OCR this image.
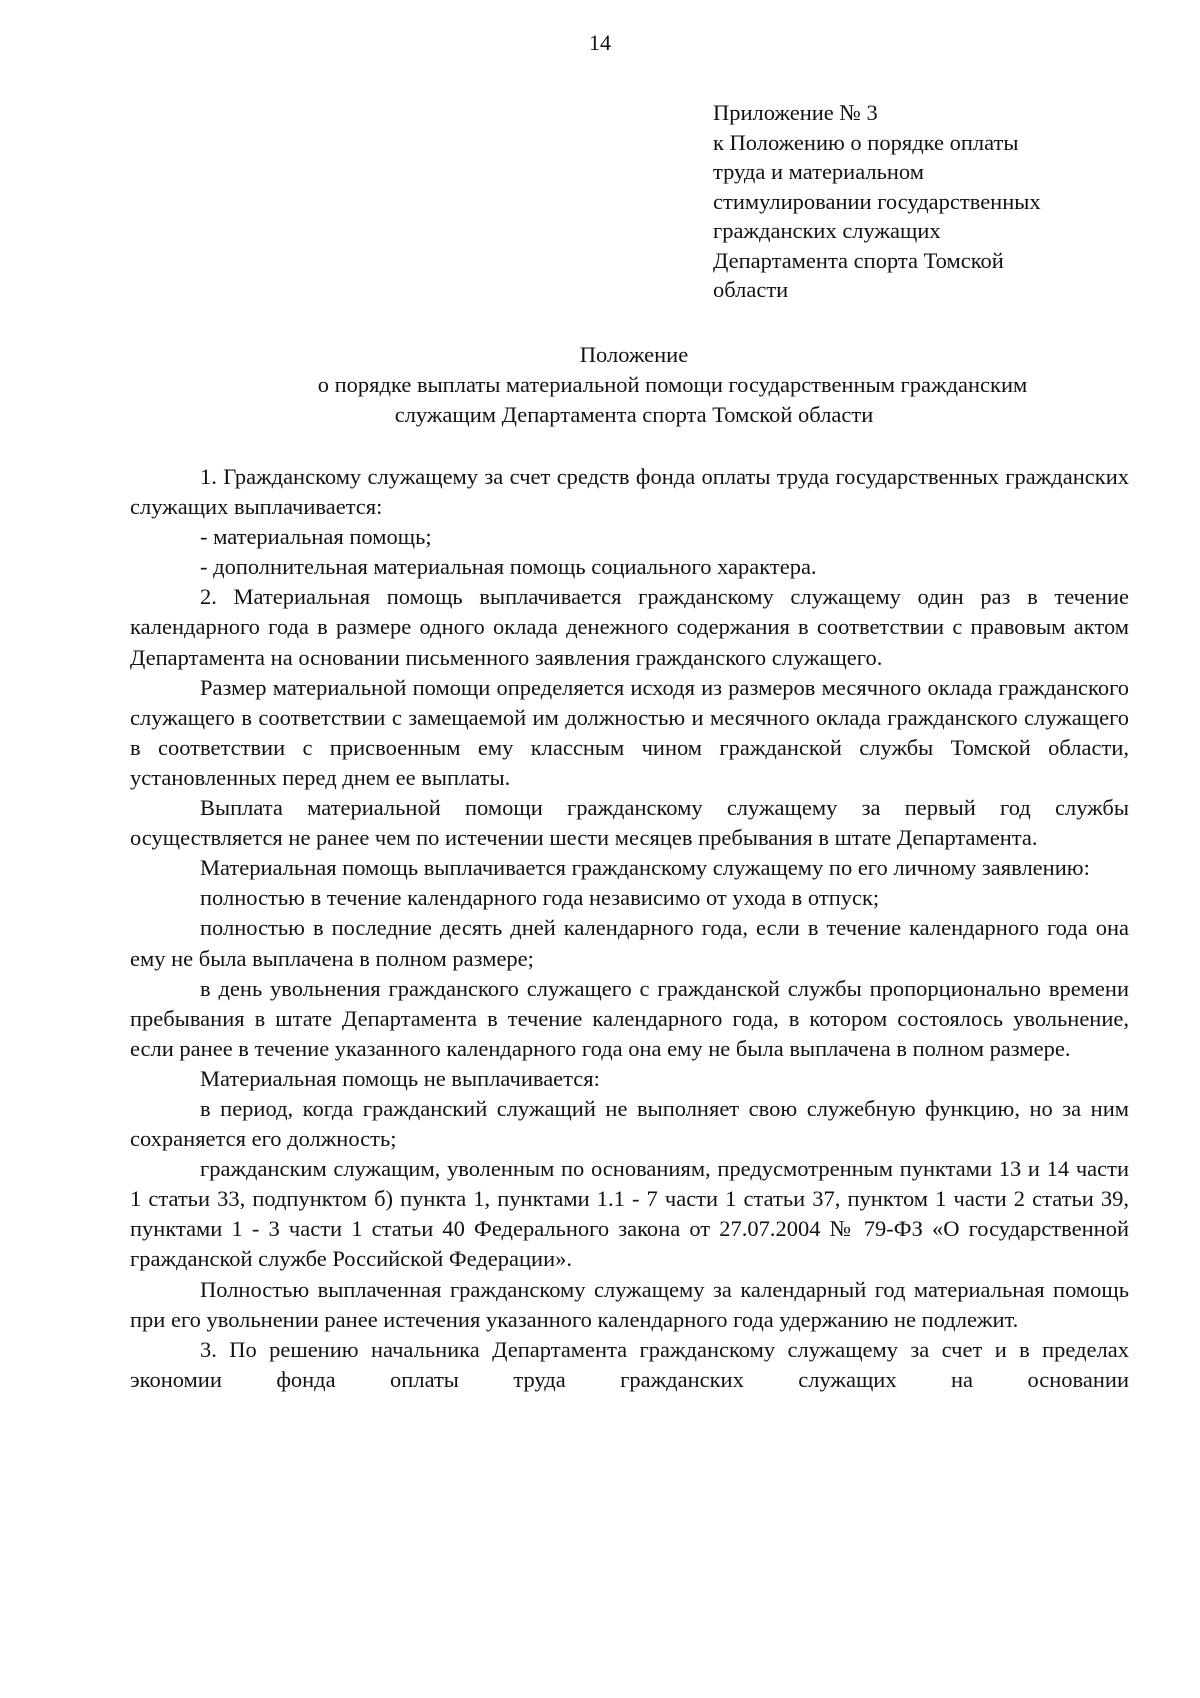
14
Приложение № 3
к Положению о порядке оплаты
труда и материальном
стимулировании государственных
гражданских служащих
Департамента спорта Томской
области
Положение
о порядке выплаты материальной помощи государственным гражданским
служащим Департамента спорта Томской области

1. Гражданскому служащему за счет средств фонда оплаты труда государственных гражданских служащих выплачивается:

- материальная помощь;

- дополнительная материальная помощь социального характера.

2. Материальная помощь выплачивается гражданскому служащему один раз в течение календарного года в размере одного оклада денежного содержания в соответствии с правовым актом Департамента на основании письменного заявления гражданского служащего.

Размер материальной помощи определяется исходя из размеров месячного оклада гражданского служащего в соответствии с замещаемой им должностью и месячного оклада гражданского служащего в соответствии с присвоенным ему классным чином гражданской службы Томской области, установленных перед днем ее выплаты.

Выплата материальной помощи гражданскому служащему за первый год службы осуществляется не ранее чем по истечении шести месяцев пребывания в штате Департамента.

Материальная помощь выплачивается гражданскому служащему по его личному заявлению:

полностью в течение календарного года независимо от ухода в отпуск;

полностью в последние десять дней календарного года, если в течение календарного года она ему не была выплачена в полном размере;

в день увольнения гражданского служащего с гражданской службы пропорционально времени пребывания в штате Департамента в течение календарного года, в котором состоялось увольнение, если ранее в течение указанного календарного года она ему не была выплачена в полном размере.

Материальная помощь не выплачивается:

в период, когда гражданский служащий не выполняет свою служебную функцию, но за ним сохраняется его должность;

гражданским служащим, уволенным по основаниям, предусмотренным пунктами 13 и 14 части 1 статьи 33, подпунктом б) пункта 1, пунктами 1.1 - 7 части 1 статьи 37, пунктом 1 части 2 статьи 39, пунктами 1 - 3 части 1 статьи 40 Федерального закона от 27.07.2004 № 79-ФЗ «О государственной гражданской службе Российской Федерации».

Полностью выплаченная гражданскому служащему за календарный год материальная помощь при его увольнении ранее истечения указанного календарного года удержанию не подлежит.

3. По решению начальника Департамента гражданскому служащему за счет и в пределах экономии фонда оплаты труда гражданских служащих на основании
